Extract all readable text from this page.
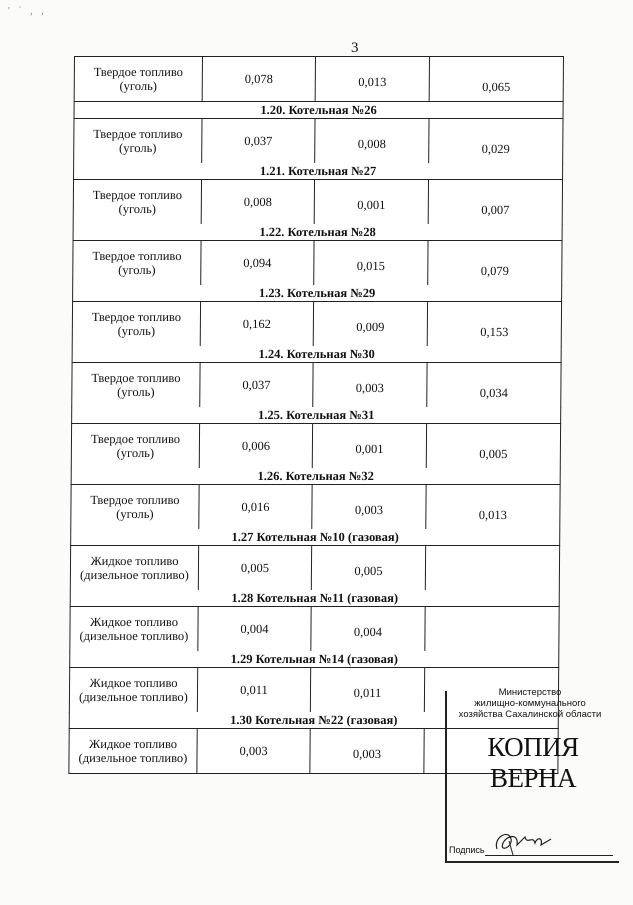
' ` , ,
3
Твердое топливо
(уголь)	0,078	0,013	0,065
1.20. Котельная №26
Твердое топливо
(уголь)	0,037	0,008	0,029
1.21. Котельная №27
Твердое топливо
(уголь)	0,008	0,001	0,007
1.22. Котельная №28
Твердое топливо
(уголь)	0,094	0,015	0,079
1.23. Котельная №29
Твердое топливо
(уголь)	0,162	0,009	0,153
1.24. Котельная №30
Твердое топливо
(уголь)	0,037	0,003	0,034
1.25. Котельная №31
Твердое топливо
(уголь)	0,006	0,001	0,005
1.26. Котельная №32
Твердое топливо
(уголь)	0,016	0,003	0,013
1.27 Котельная №10 (газовая)
Жидкое топливо
(дизельное топливо)	0,005	0,005
1.28 Котельная №11 (газовая)
Жидкое топливо
(дизельное топливо)	0,004	0,004
1.29 Котельная №14 (газовая)
Жидкое топливо
(дизельное топливо)	0,011	0,011
1.30 Котельная №22 (газовая)
Жидкое топливо
(дизельное топливо)	0,003	0,003
Министерство
жилищно-коммунального
хозяйства Сахалинской области
КОПИЯ ВЕРНА
Подпись
